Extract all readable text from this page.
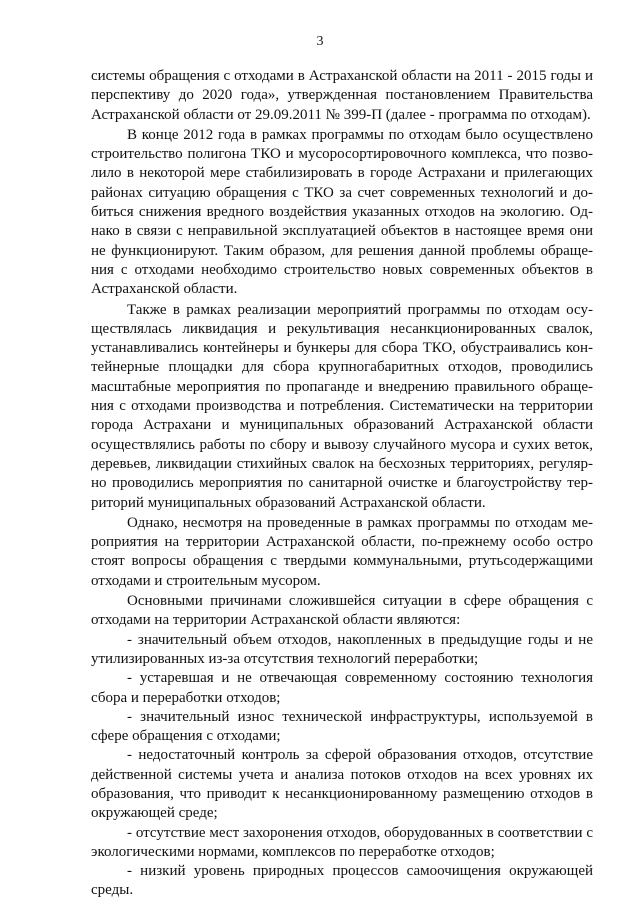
3

системы обращения с отходами в Астраханской области на 2011 - 2015 годы и перспективу до 2020 года», утвержденная постановлением Правительства Астраханской области от 29.09.2011 № 399-П (далее - программа по отходам).

В конце 2012 года в рамках программы по отходам было осуществлено строительство полигона ТКО и мусоросортировочного комплекса, что позволило в некоторой мере стабилизировать в городе Астрахани и прилегающих районах ситуацию обращения с ТКО за счет современных технологий и добиться снижения вредного воздействия указанных отходов на экологию. Однако в связи с неправильной эксплуатацией объектов в настоящее время они не функционируют. Таким образом, для решения данной проблемы обращения с отходами необходимо строительство новых современных объектов в Астраханской области.

Также в рамках реализации мероприятий программы по отходам осуществлялась ликвидация и рекультивация несанкционированных свалок, устанавливались контейнеры и бункеры для сбора ТКО, обустраивались контейнерные площадки для сбора крупногабаритных отходов, проводились масштабные мероприятия по пропаганде и внедрению правильного обращения с отходами производства и потребления. Систематически на территории города Астрахани и муниципальных образований Астраханской области осуществлялись работы по сбору и вывозу случайного мусора и сухих веток, деревьев, ликвидации стихийных свалок на бесхозных территориях, регулярно проводились мероприятия по санитарной очистке и благоустройству территорий муниципальных образований Астраханской области.

Однако, несмотря на проведенные в рамках программы по отходам мероприятия на территории Астраханской области, по-прежнему особо остро стоят вопросы обращения с твердыми коммунальными, ртутьсодержащими отходами и строительным мусором.

Основными причинами сложившейся ситуации в сфере обращения с отходами на территории Астраханской области являются:

- значительный объем отходов, накопленных в предыдущие годы и не утилизированных из-за отсутствия технологий переработки;

- устаревшая и не отвечающая современному состоянию технология сбора и переработки отходов;

- значительный износ технической инфраструктуры, используемой в сфере обращения с отходами;

- недостаточный контроль за сферой образования отходов, отсутствие действенной системы учета и анализа потоков отходов на всех уровнях их образования, что приводит к несанкционированному размещению отходов в окружающей среде;

- отсутствие мест захоронения отходов, оборудованных в соответствии с экологическими нормами, комплексов по переработке отходов;

- низкий уровень природных процессов самоочищения окружающей среды.
